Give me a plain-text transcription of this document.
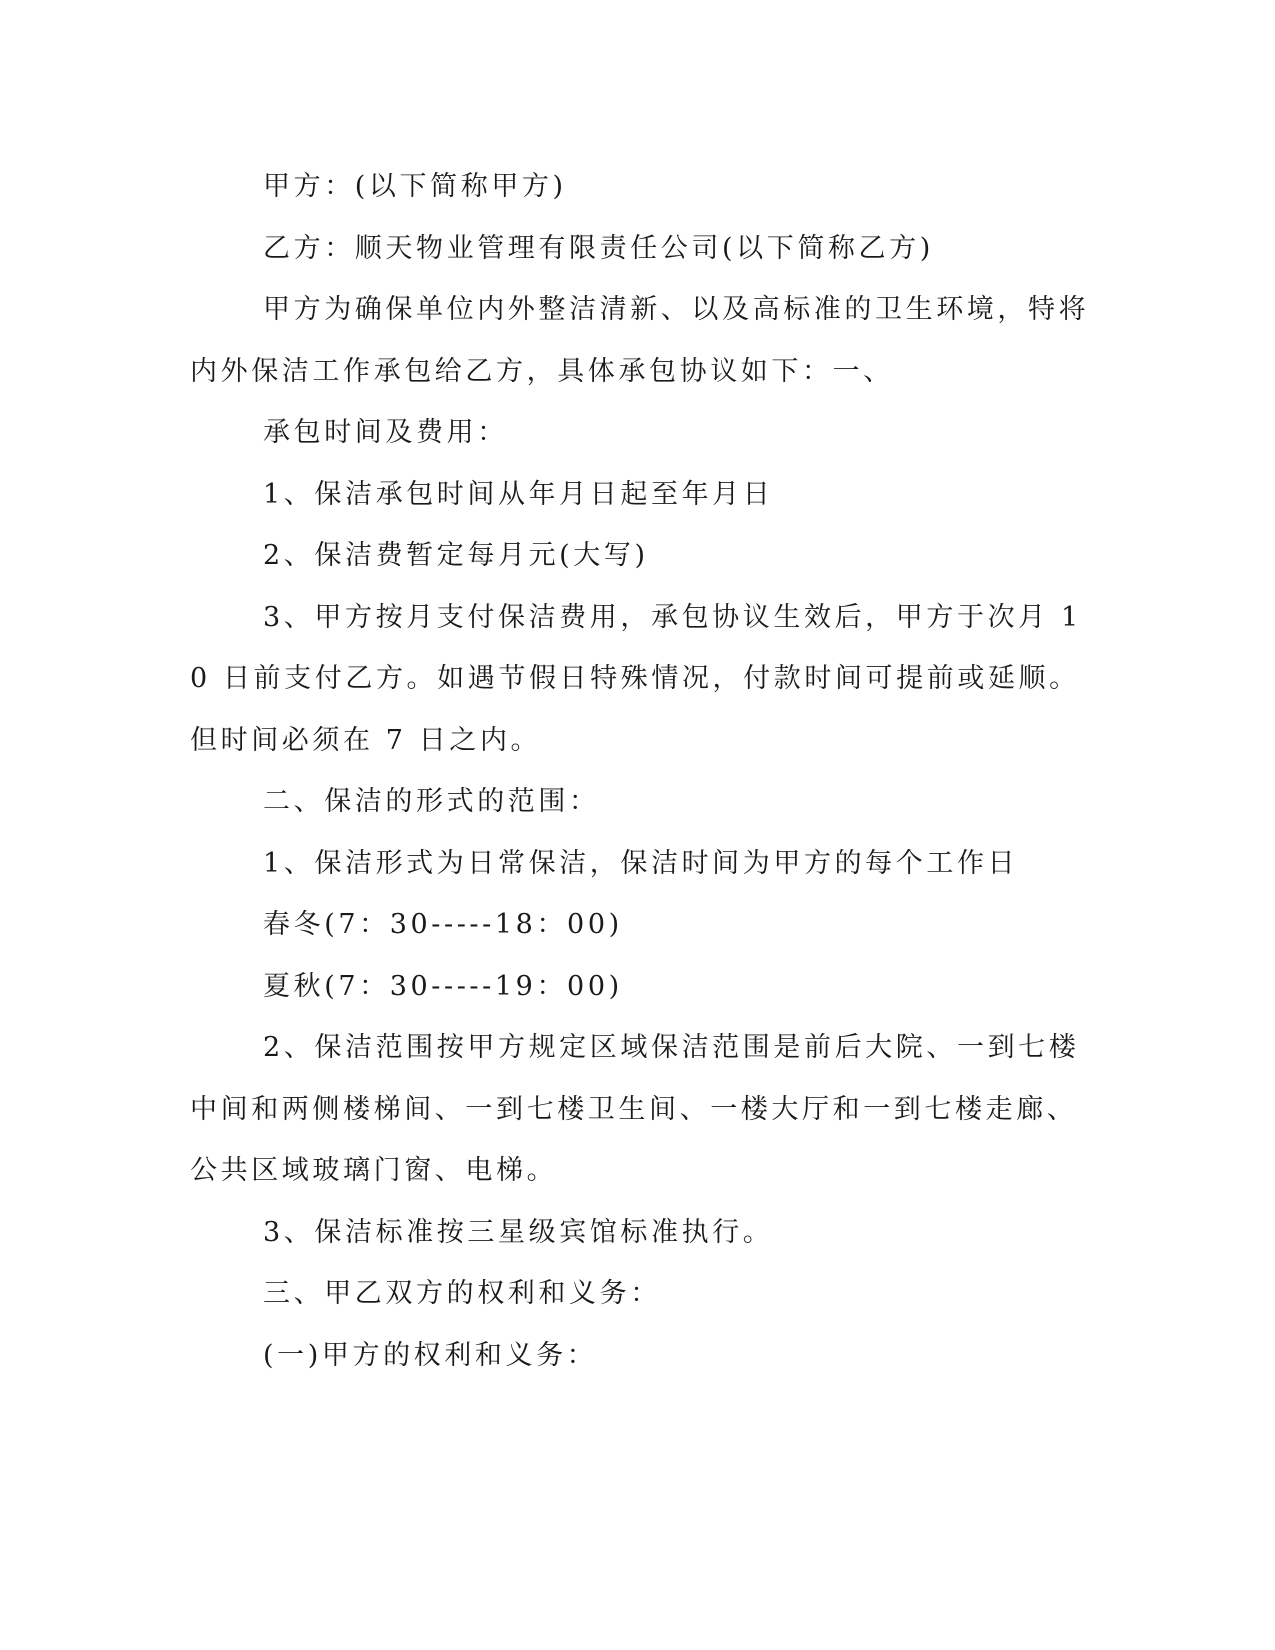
甲方：(以下简称甲方)

乙方：顺天物业管理有限责任公司(以下简称乙方)

甲方为确保单位内外整洁清新、以及高标准的卫生环境，特将内外保洁工作承包给乙方，具体承包协议如下：一、

承包时间及费用：

1、保洁承包时间从年月日起至年月日

2、保洁费暂定每月元(大写)

3、甲方按月支付保洁费用，承包协议生效后，甲方于次月 10 日前支付乙方。如遇节假日特殊情况，付款时间可提前或延顺。但时间必须在 7 日之内。

二、保洁的形式的范围：

1、保洁形式为日常保洁，保洁时间为甲方的每个工作日

春冬(7：30-----18：00)

夏秋(7：30-----19：00)

2、保洁范围按甲方规定区域保洁范围是前后大院、一到七楼中间和两侧楼梯间、一到七楼卫生间、一楼大厅和一到七楼走廊、公共区域玻璃门窗、电梯。

3、保洁标准按三星级宾馆标准执行。

三、甲乙双方的权利和义务：

(一)甲方的权利和义务：
